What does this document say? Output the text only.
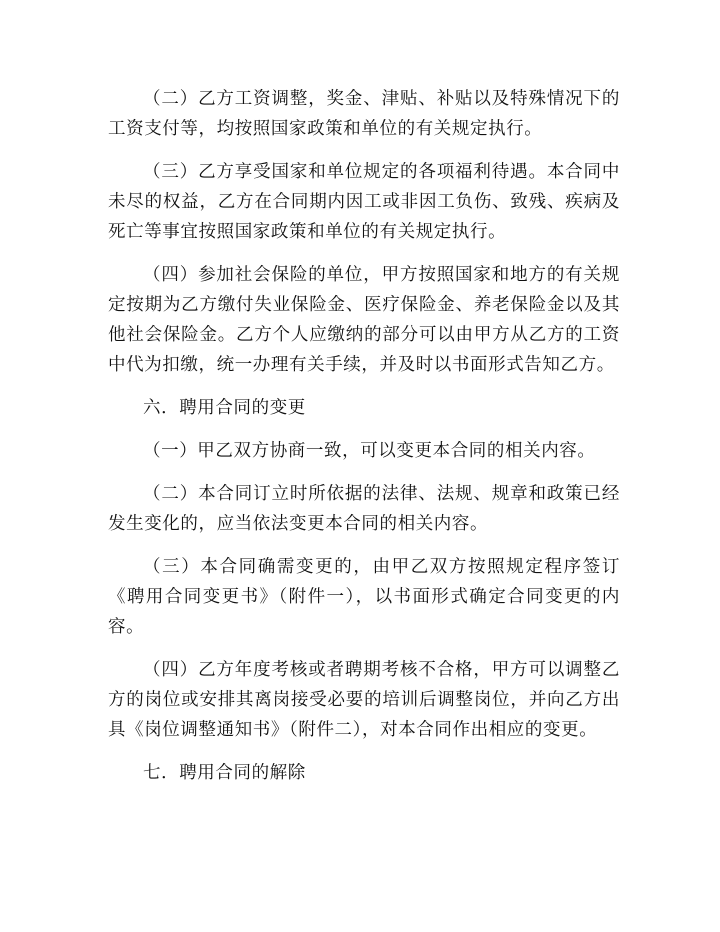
（二）乙方工资调整，奖金、津贴、补贴以及特殊情况下的工资支付等，均按照国家政策和单位的有关规定执行。

（三）乙方享受国家和单位规定的各项福利待遇。本合同中未尽的权益，乙方在合同期内因工或非因工负伤、致残、疾病及死亡等事宜按照国家政策和单位的有关规定执行。

（四）参加社会保险的单位，甲方按照国家和地方的有关规定按期为乙方缴付失业保险金、医疗保险金、养老保险金以及其他社会保险金。乙方个人应缴纳的部分可以由甲方从乙方的工资中代为扣缴，统一办理有关手续，并及时以书面形式告知乙方。

六．聘用合同的变更

（一）甲乙双方协商一致，可以变更本合同的相关内容。

（二）本合同订立时所依据的法律、法规、规章和政策已经发生变化的，应当依法变更本合同的相关内容。

（三）本合同确需变更的，由甲乙双方按照规定程序签订《聘用合同变更书》（附件一），以书面形式确定合同变更的内容。

（四）乙方年度考核或者聘期考核不合格，甲方可以调整乙方的岗位或安排其离岗接受必要的培训后调整岗位，并向乙方出具《岗位调整通知书》（附件二），对本合同作出相应的变更。

七．聘用合同的解除
